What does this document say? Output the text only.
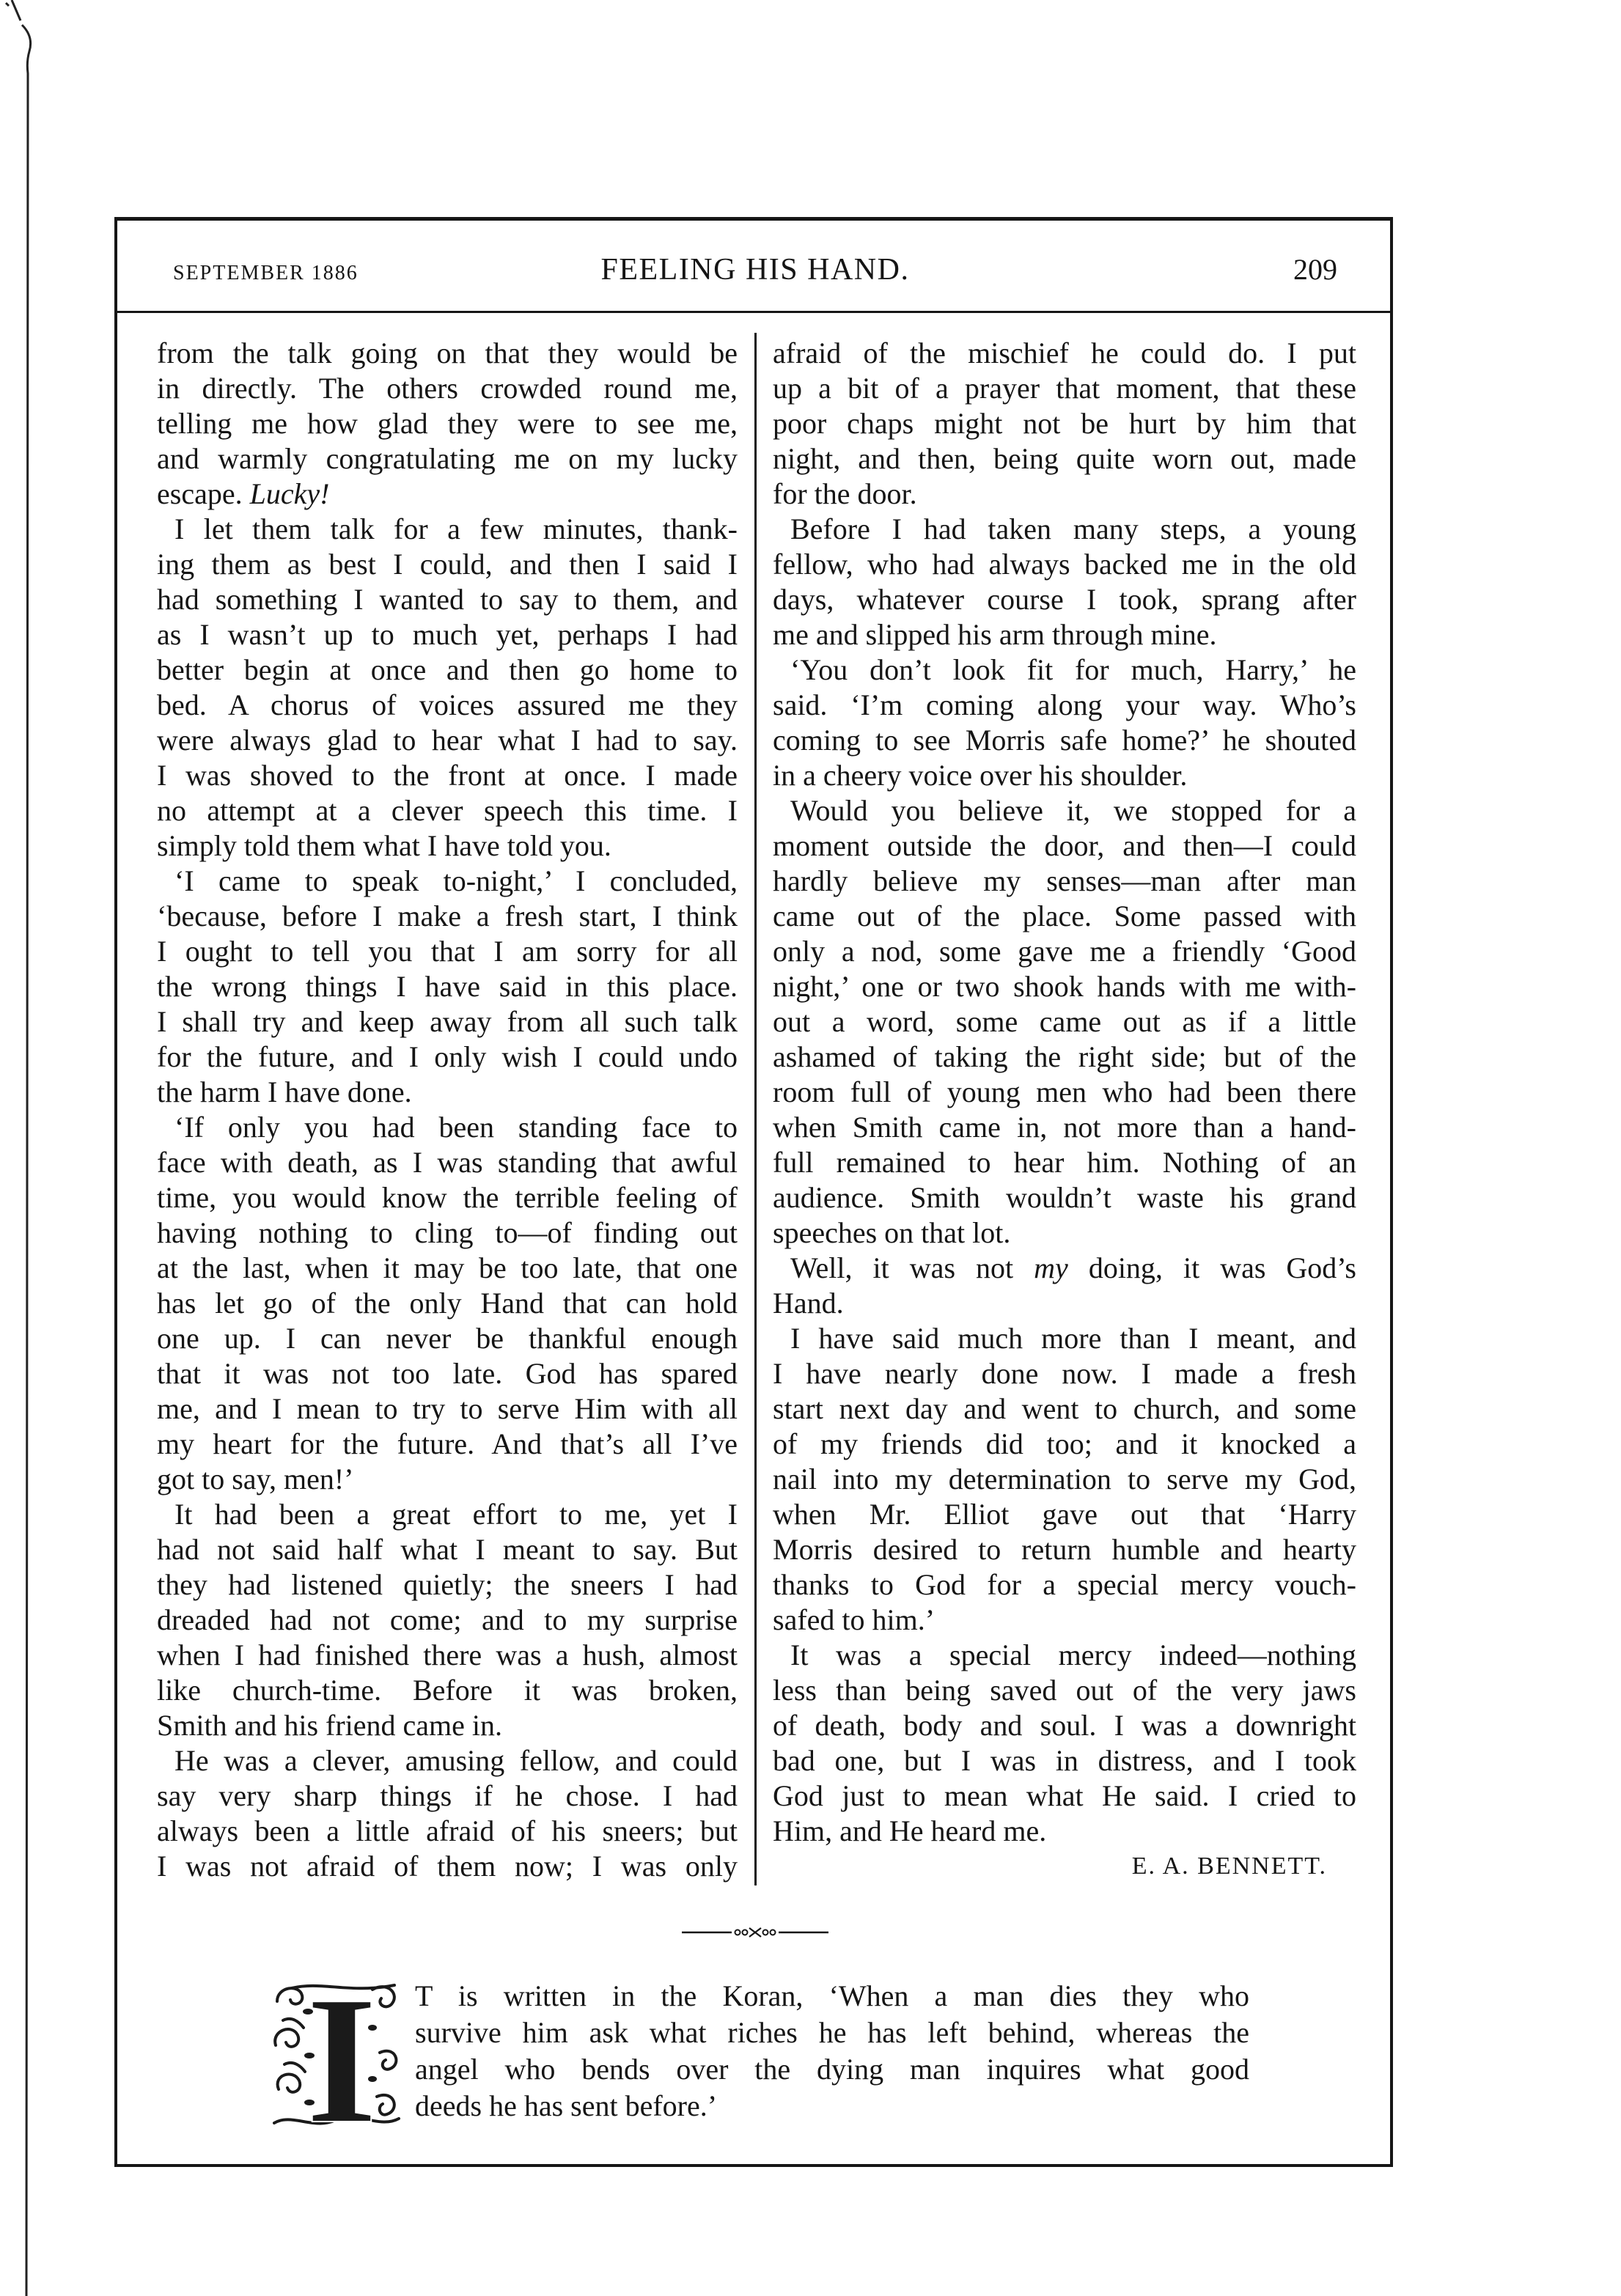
SEPTEMBER 1886	FEELING HIS HAND.	209
from the talk going on that they would be
in directly. The others crowded round me,
telling me how glad they were to see me,
and warmly congratulating me on my lucky
escape. Lucky!
I let them talk for a few minutes, thank-
ing them as best I could, and then I said I
had something I wanted to say to them, and
as I wasn’t up to much yet, perhaps I had
better begin at once and then go home to
bed. A chorus of voices assured me they
were always glad to hear what I had to say.
I was shoved to the front at once. I made
no attempt at a clever speech this time. I
simply told them what I have told you.
‘I came to speak to-night,’ I concluded,
‘because, before I make a fresh start, I think
I ought to tell you that I am sorry for all
the wrong things I have said in this place.
I shall try and keep away from all such talk
for the future, and I only wish I could undo
the harm I have done.
‘If only you had been standing face to
face with death, as I was standing that awful
time, you would know the terrible feeling of
having nothing to cling to—of finding out
at the last, when it may be too late, that one
has let go of the only Hand that can hold
one up. I can never be thankful enough
that it was not too late. God has spared
me, and I mean to try to serve Him with all
my heart for the future. And that’s all I’ve
got to say, men!’
It had been a great effort to me, yet I
had not said half what I meant to say. But
they had listened quietly; the sneers I had
dreaded had not come; and to my surprise
when I had finished there was a hush, almost
like church-time. Before it was broken,
Smith and his friend came in.
He was a clever, amusing fellow, and could
say very sharp things if he chose. I had
always been a little afraid of his sneers; but
I was not afraid of them now; I was only
afraid of the mischief he could do. I put
up a bit of a prayer that moment, that these
poor chaps might not be hurt by him that
night, and then, being quite worn out, made
for the door.
Before I had taken many steps, a young
fellow, who had always backed me in the old
days, whatever course I took, sprang after
me and slipped his arm through mine.
‘You don’t look fit for much, Harry,’ he
said. ‘I’m coming along your way. Who’s
coming to see Morris safe home?’ he shouted
in a cheery voice over his shoulder.
Would you believe it, we stopped for a
moment outside the door, and then—I could
hardly believe my senses—man after man
came out of the place. Some passed with
only a nod, some gave me a friendly ‘Good
night,’ one or two shook hands with me with-
out a word, some came out as if a little
ashamed of taking the right side; but of the
room full of young men who had been there
when Smith came in, not more than a hand-
full remained to hear him. Nothing of an
audience. Smith wouldn’t waste his grand
speeches on that lot.
Well, it was not my doing, it was God’s
Hand.
I have said much more than I meant, and
I have nearly done now. I made a fresh
start next day and went to church, and some
of my friends did too; and it knocked a
nail into my determination to serve my God,
when Mr. Elliot gave out that ‘Harry
Morris desired to return humble and hearty
thanks to God for a special mercy vouch-
safed to him.’
It was a special mercy indeed—nothing
less than being saved out of the very jaws
of death, body and soul. I was a downright
bad one, but I was in distress, and I took
God just to mean what He said. I cried to
Him, and He heard me.
E. A. BENNETT.
I T is written in the Koran, ‘When a man dies they who
survive him ask what riches he has left behind, whereas the
angel who bends over the dying man inquires what good
deeds he has sent before.’
